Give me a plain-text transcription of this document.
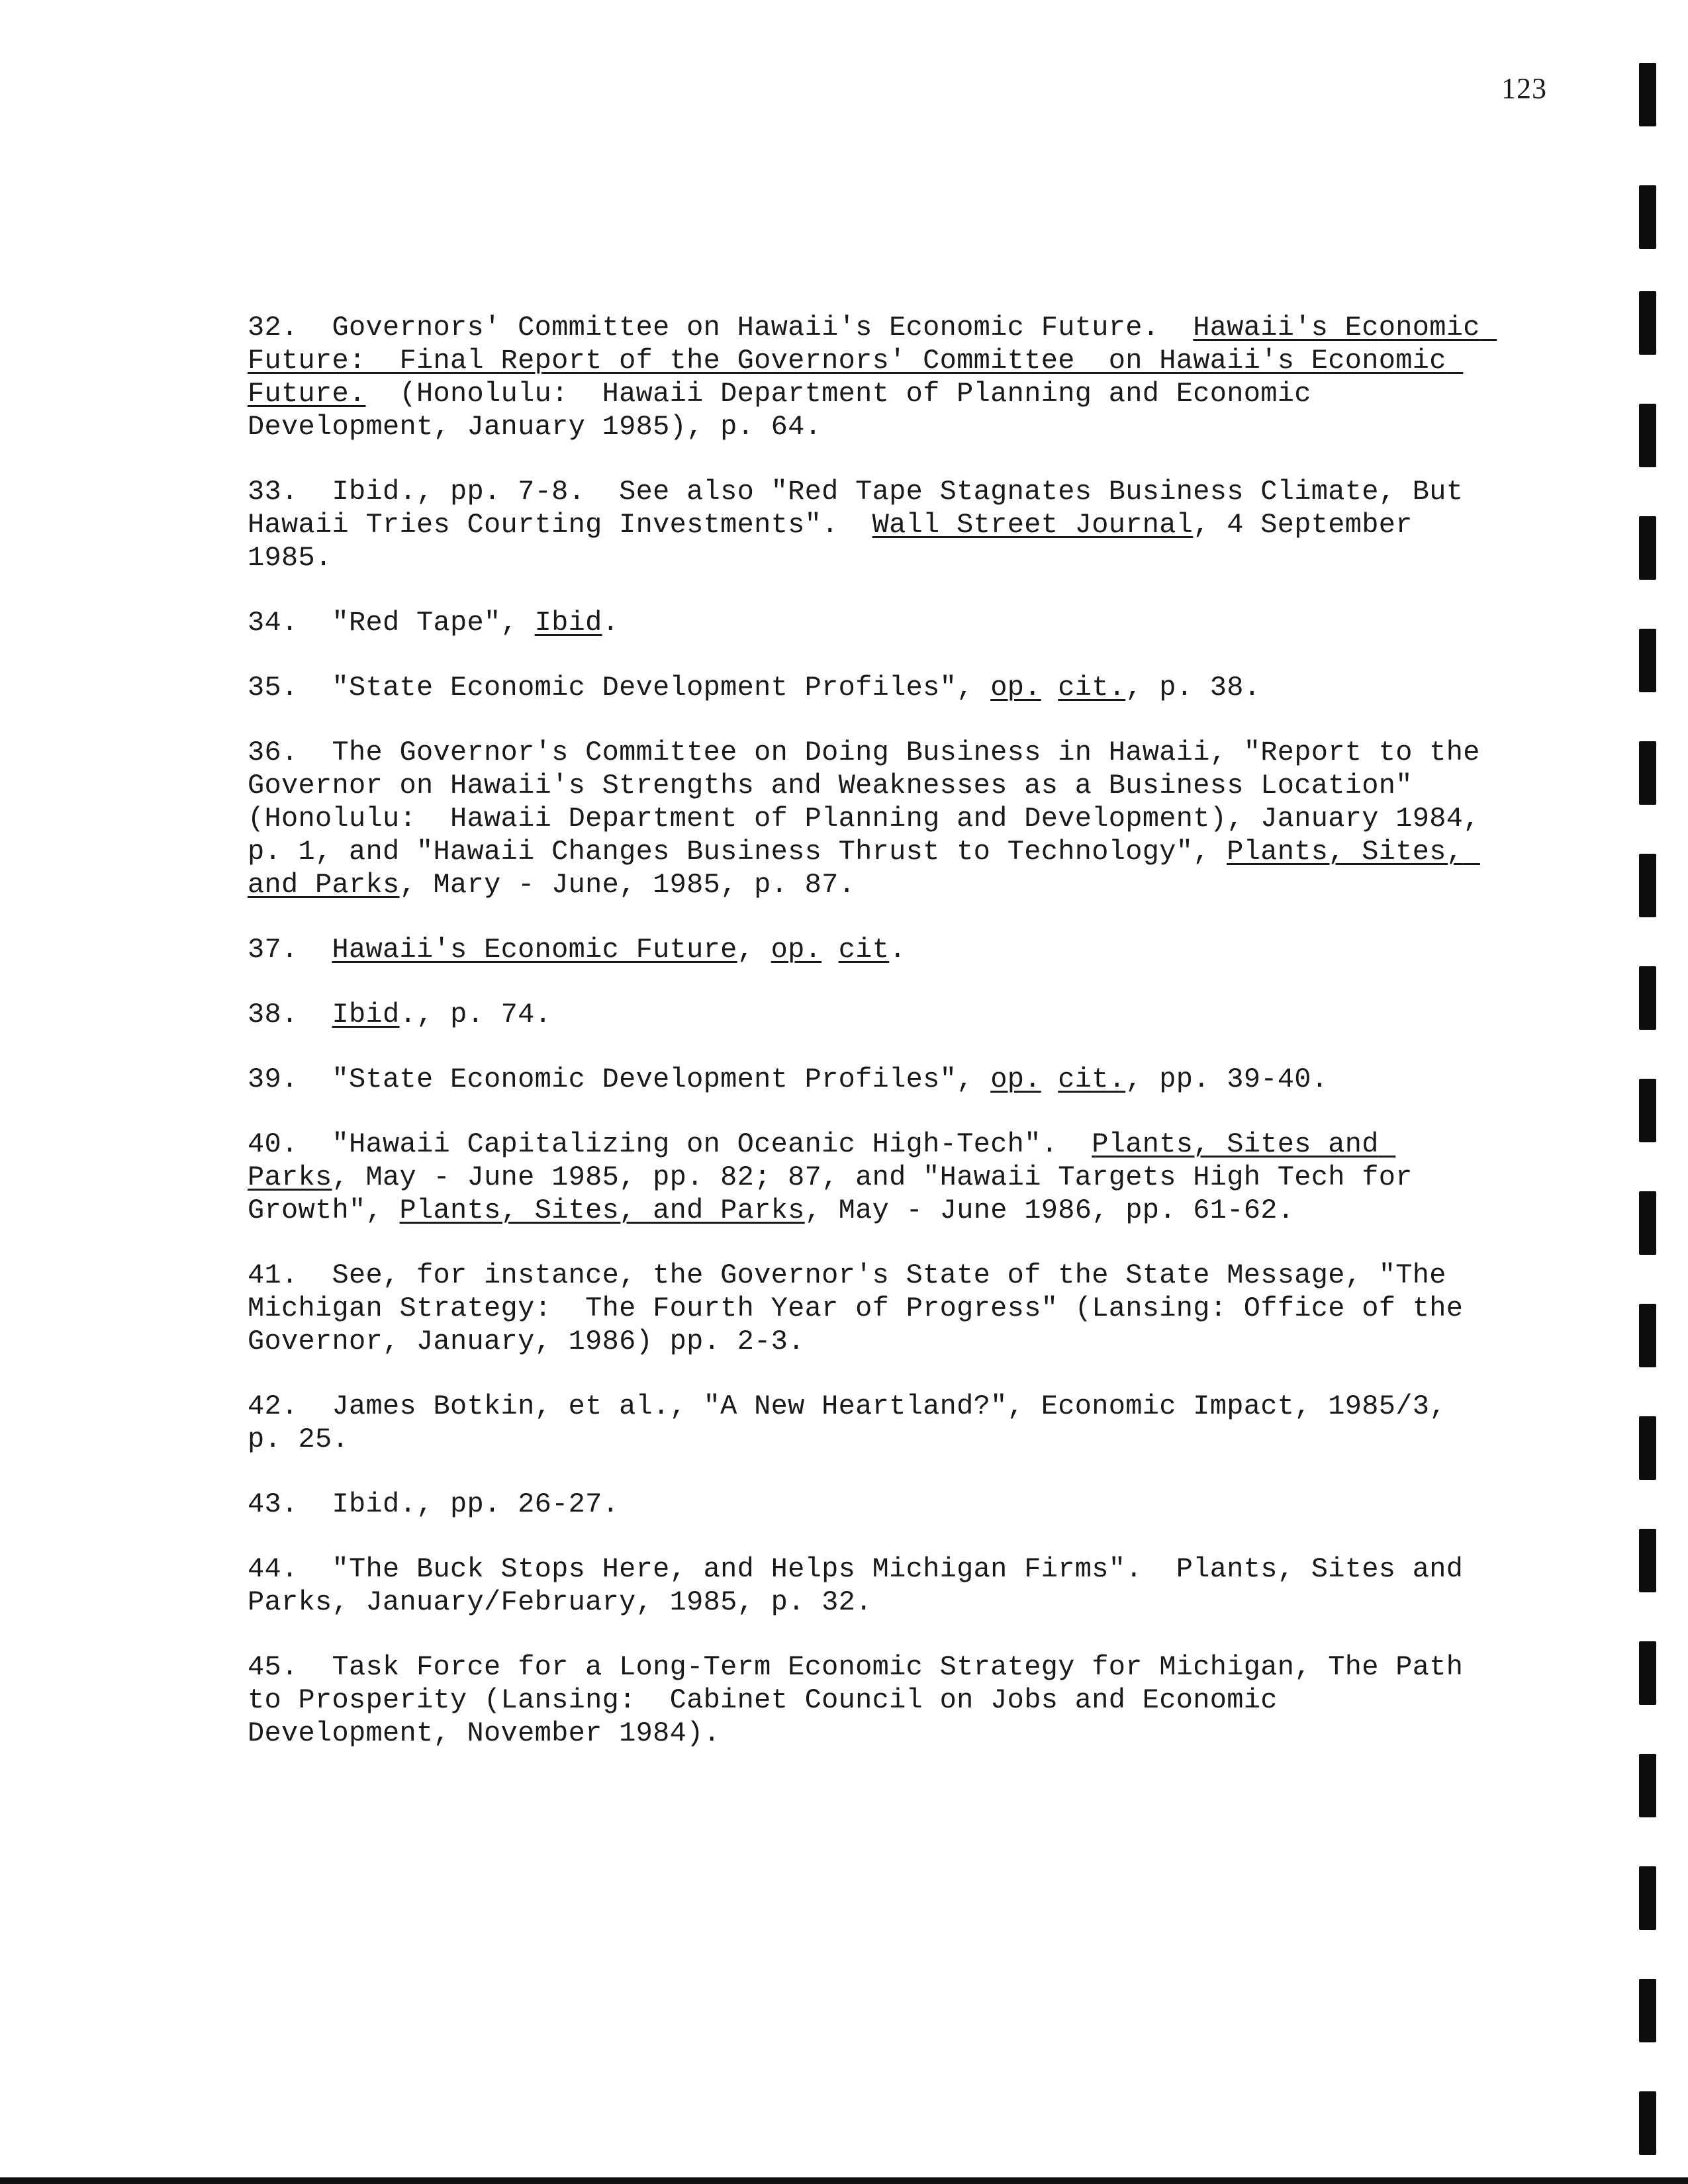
123
32.  Governors' Committee on Hawaii's Economic Future.  Hawaii's Economic Future:  Final Report of the Governors' Committee  on Hawaii's Economic Future.  (Honolulu:  Hawaii Department of Planning and Economic Development, January 1985), p. 64.
33.  Ibid., pp. 7-8.  See also "Red Tape Stagnates Business Climate, But Hawaii Tries Courting Investments".  Wall Street Journal, 4 September 1985.
34.  "Red Tape", Ibid.
35.  "State Economic Development Profiles", op. cit., p. 38.
36.  The Governor's Committee on Doing Business in Hawaii, "Report to the Governor on Hawaii's Strengths and Weaknesses as a Business Location" (Honolulu:  Hawaii Department of Planning and Development), January 1984, p. 1, and "Hawaii Changes Business Thrust to Technology", Plants, Sites, and Parks, Mary - June, 1985, p. 87.
37.  Hawaii's Economic Future, op. cit.
38.  Ibid., p. 74.
39.  "State Economic Development Profiles", op. cit., pp. 39-40.
40.  "Hawaii Capitalizing on Oceanic High-Tech".  Plants, Sites and Parks, May - June 1985, pp. 82; 87, and "Hawaii Targets High Tech for Growth", Plants, Sites, and Parks, May - June 1986, pp. 61-62.
41.  See, for instance, the Governor's State of the State Message, "The Michigan Strategy:  The Fourth Year of Progress" (Lansing: Office of the Governor, January, 1986) pp. 2-3.
42.  James Botkin, et al., "A New Heartland?", Economic Impact, 1985/3, p. 25.
43.  Ibid., pp. 26-27.
44.  "The Buck Stops Here, and Helps Michigan Firms".  Plants, Sites and Parks, January/February, 1985, p. 32.
45.  Task Force for a Long-Term Economic Strategy for Michigan, The Path to Prosperity (Lansing:  Cabinet Council on Jobs and Economic Development, November 1984).
